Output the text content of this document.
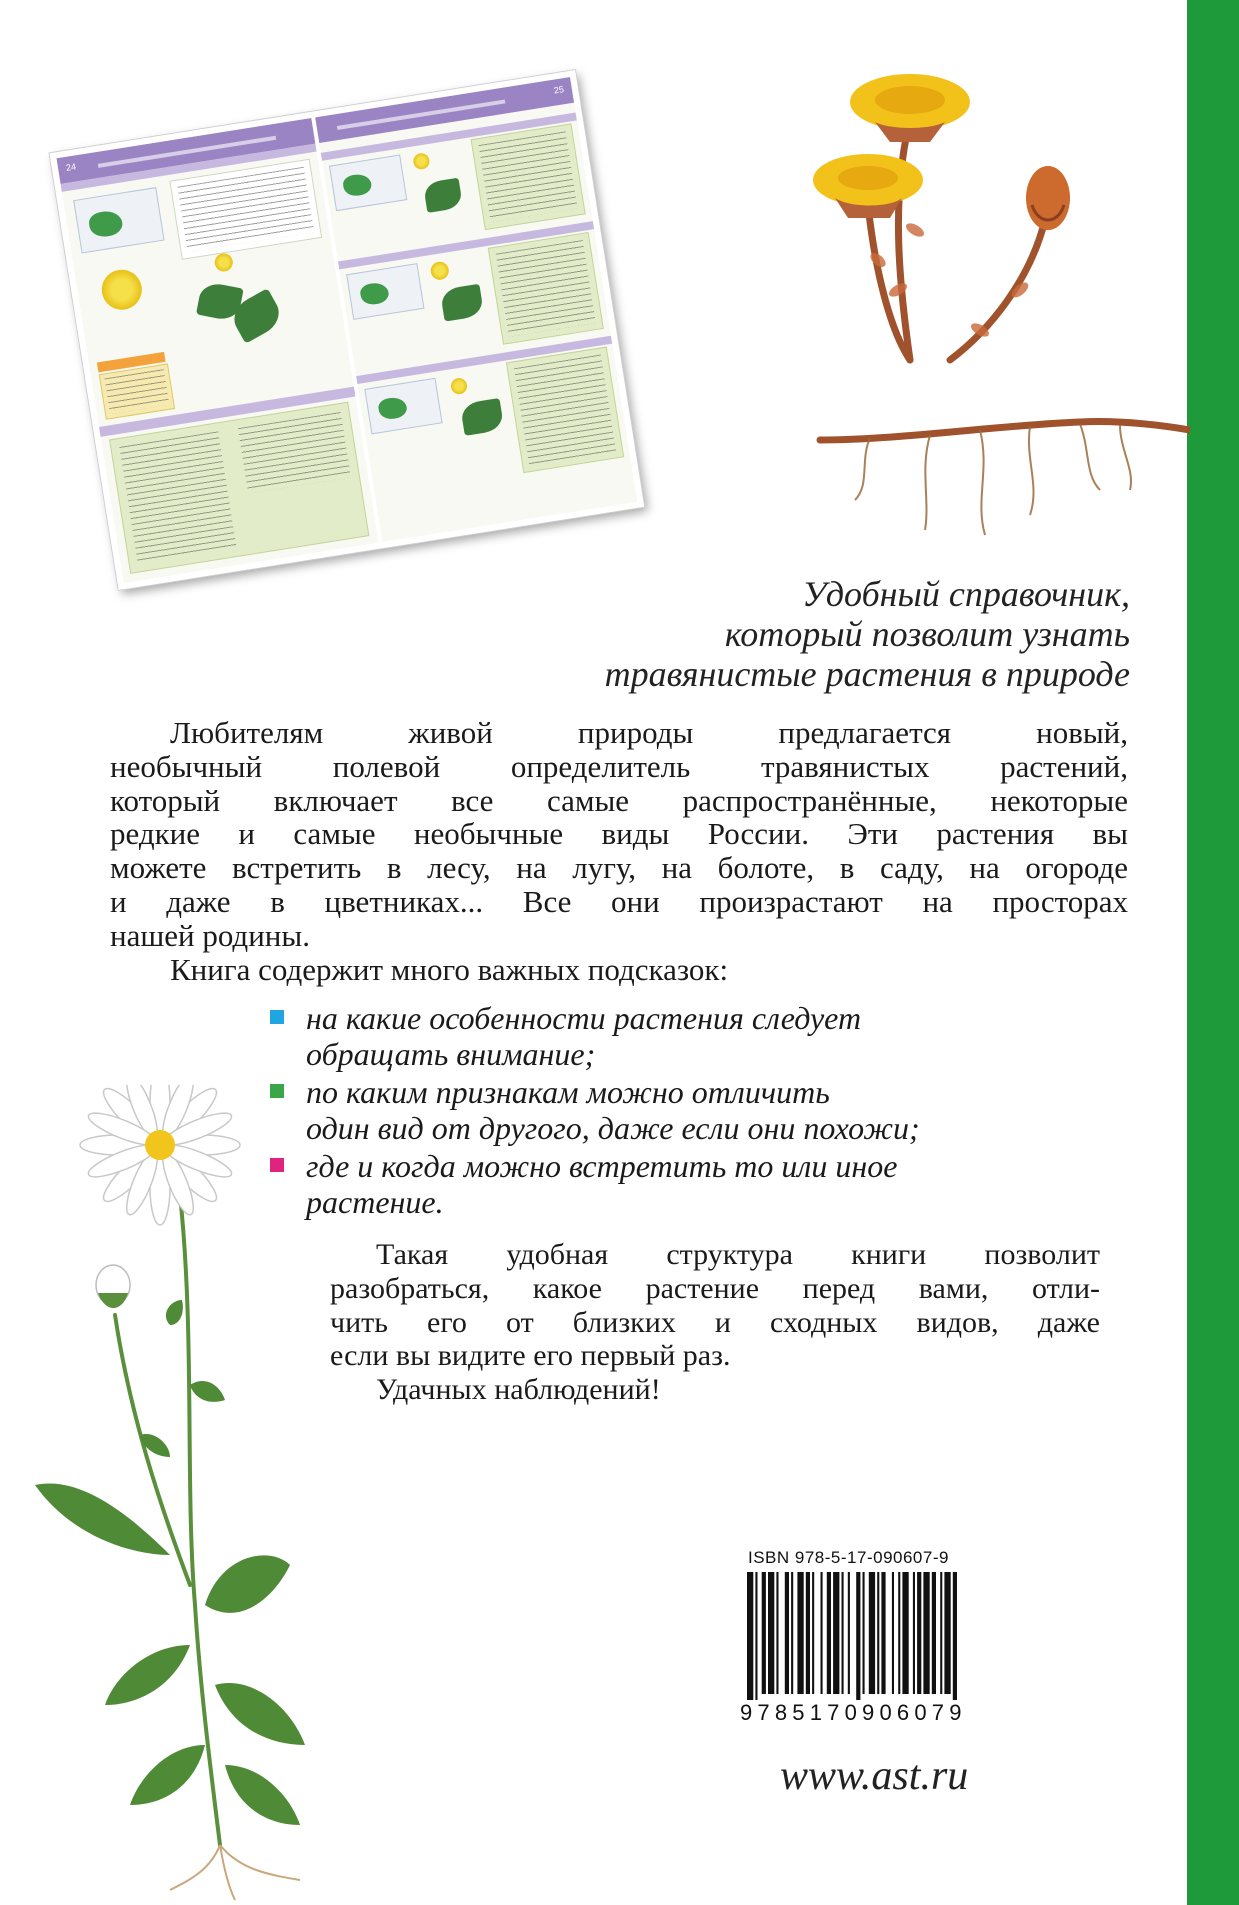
24
25
Удобный справочник,
который позволит узнать
травянистые растения в природе
Любителям живой природы предлагается новый,
необычный полевой определитель травянистых растений,
который включает все самые распространённые, некоторые
редкие и самые необычные виды России. Эти растения вы
можете встретить в лесу, на лугу, на болоте, в саду, на огороде
и даже в цветниках... Все они произрастают на просторах
нашей родины.
Книга содержит много важных подсказок:
на какие особенности растения следует
обращать внимание;
по каким признакам можно отличить
один вид от другого, даже если они похожи;
где и когда можно встретить то или иное
растение.
Такая удобная структура книги позволит
разобраться, какое растение перед вами, отли-
чить его от близких и сходных видов, даже
если вы видите его первый раз.
Удачных наблюдений!
ISBN 978-5-17-090607-9
9785170906079
www.ast.ru
